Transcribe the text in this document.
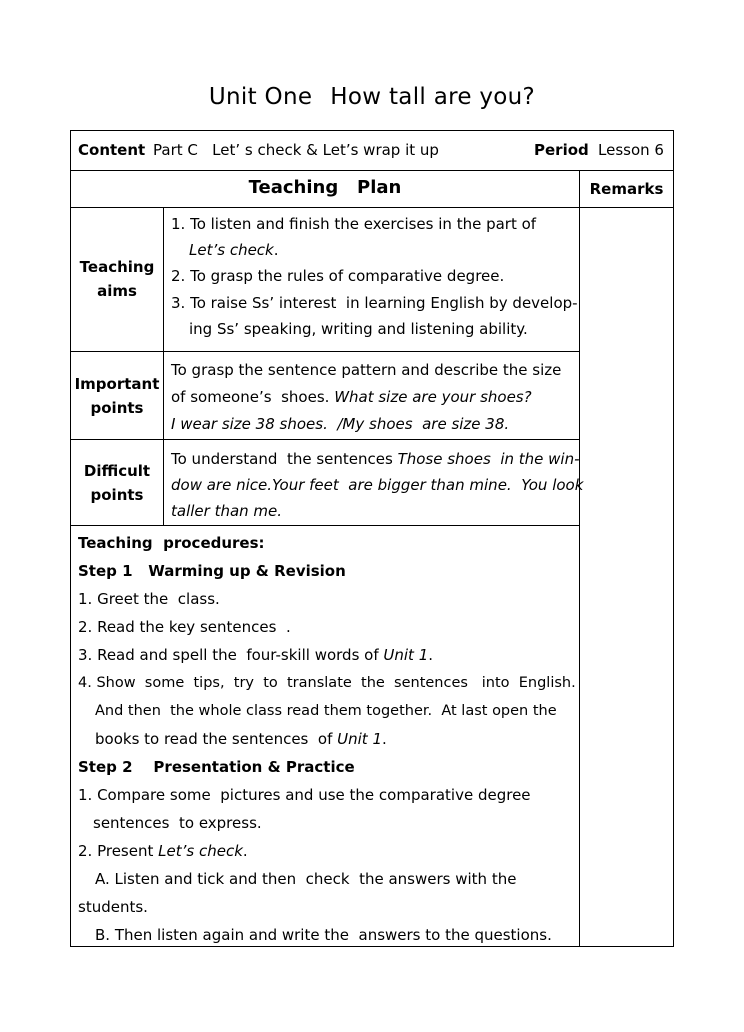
Unit One How tall are you?
Content Part C   Let’ s check & Let’s wrap it up	Period Lesson 6
Teaching   Plan	Remarks
Teaching
aims
1. To listen and finish the exercises in the part of
Let’s check.
2. To grasp the rules of comparative degree.
3. To raise Ss’ interest  in learning English by develop-
ing Ss’ speaking, writing and listening ability.
Important
points
To grasp the sentence pattern and describe the size
of someone’s  shoes. What size are your shoes?
I wear size 38 shoes.  /My shoes  are size 38.
Difficult
points
To understand  the sentences Those shoes  in the win-
dow are nice.Your feet  are bigger than mine.  You look
taller than me.
Teaching  procedures:
Step 1   Warming up & Revision
1. Greet the  class.
2. Read the key sentences  .
3. Read and spell the  four-skill words of Unit 1.
4. Show  some  tips,  try  to  translate  the  sentences   into  English.
And then  the whole class read them together.  At last open the
books to read the sentences  of Unit 1.
Step 2    Presentation & Practice
1. Compare some  pictures and use the comparative degree
sentences  to express.
2. Present Let’s check.
A. Listen and tick and then  check  the answers with the
students.
B. Then listen again and write the  answers to the questions.
